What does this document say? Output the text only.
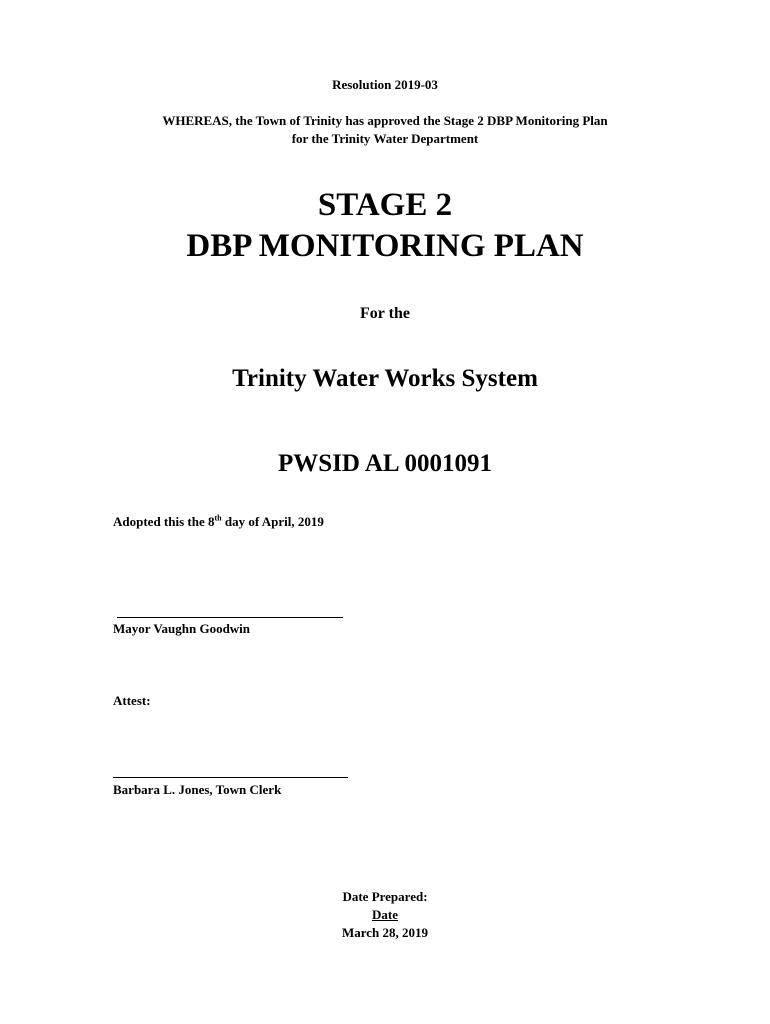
Resolution 2019-03
WHEREAS, the Town of Trinity has approved the Stage 2 DBP Monitoring Plan
for the Trinity Water Department
STAGE 2
DBP MONITORING PLAN
For the
Trinity Water Works System
PWSID AL 0001091
Adopted this the 8th day of April, 2019
Mayor Vaughn Goodwin
Attest:
Barbara L. Jones, Town Clerk
Date Prepared:
Date
March 28, 2019
